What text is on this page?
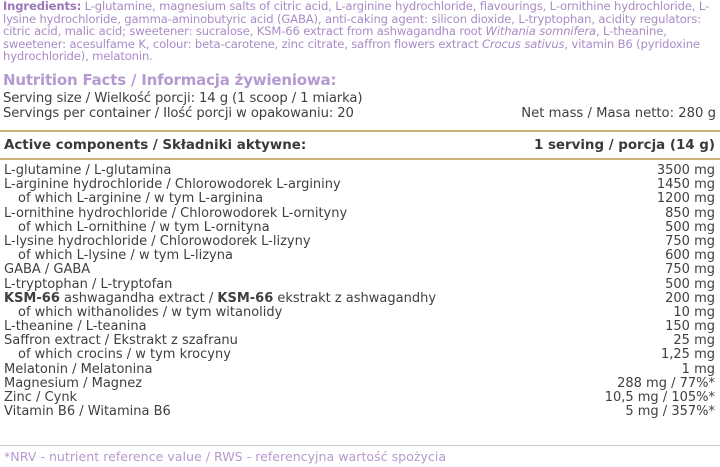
Ingredients: L-glutamine, magnesium salts of citric acid, L-arginine hydrochloride, flavourings, L-ornithine hydrochloride, L-lysine hydrochloride, gamma-aminobutyric acid (GABA), anti-caking agent: silicon dioxide, L-tryptophan, acidity regulators: citric acid, malic acid; sweetener: sucralose, KSM-66 extract from ashwagandha root Withania somnifera, L-theanine, sweetener: acesulfame K, colour: beta-carotene, zinc citrate, saffron flowers extract Crocus sativus, vitamin B6 (pyridoxine hydrochloride), melatonin.
Nutrition Facts / Informacja żywieniowa:
Serving size / Wielkość porcji: 14 g (1 scoop / 1 miarka)
Servings per container / Ilość porcji w opakowaniu: 20	Net mass / Masa netto: 280 g
Active components / Składniki aktywne:	1 serving / porcja (14 g)
L-glutamine / L-glutamina	3500 mg
L-arginine hydrochloride / Chlorowodorek L-argininy	1450 mg
of which L-arginine / w tym L-arginina	1200 mg
L-ornithine hydrochloride / Chlorowodorek L-ornityny	850 mg
of which L-ornithine / w tym L-ornityna	500 mg
L-lysine hydrochloride / Chlorowodorek L-lizyny	750 mg
of which L-lysine / w tym L-lizyna	600 mg
GABA / GABA	750 mg
L-tryptophan / L-tryptofan	500 mg
KSM-66 ashwagandha extract / KSM-66 ekstrakt z ashwagandhy	200 mg
of which withanolides / w tym witanolidy	10 mg
L-theanine / L-teanina	150 mg
Saffron extract / Ekstrakt z szafranu	25 mg
of which crocins / w tym krocyny	1,25 mg
Melatonin / Melatonina	1 mg
Magnesium / Magnez	288 mg / 77%*
Zinc / Cynk	10,5 mg / 105%*
Vitamin B6 / Witamina B6	5 mg / 357%*
*NRV - nutrient reference value / RWS - referencyjna wartość spożycia
